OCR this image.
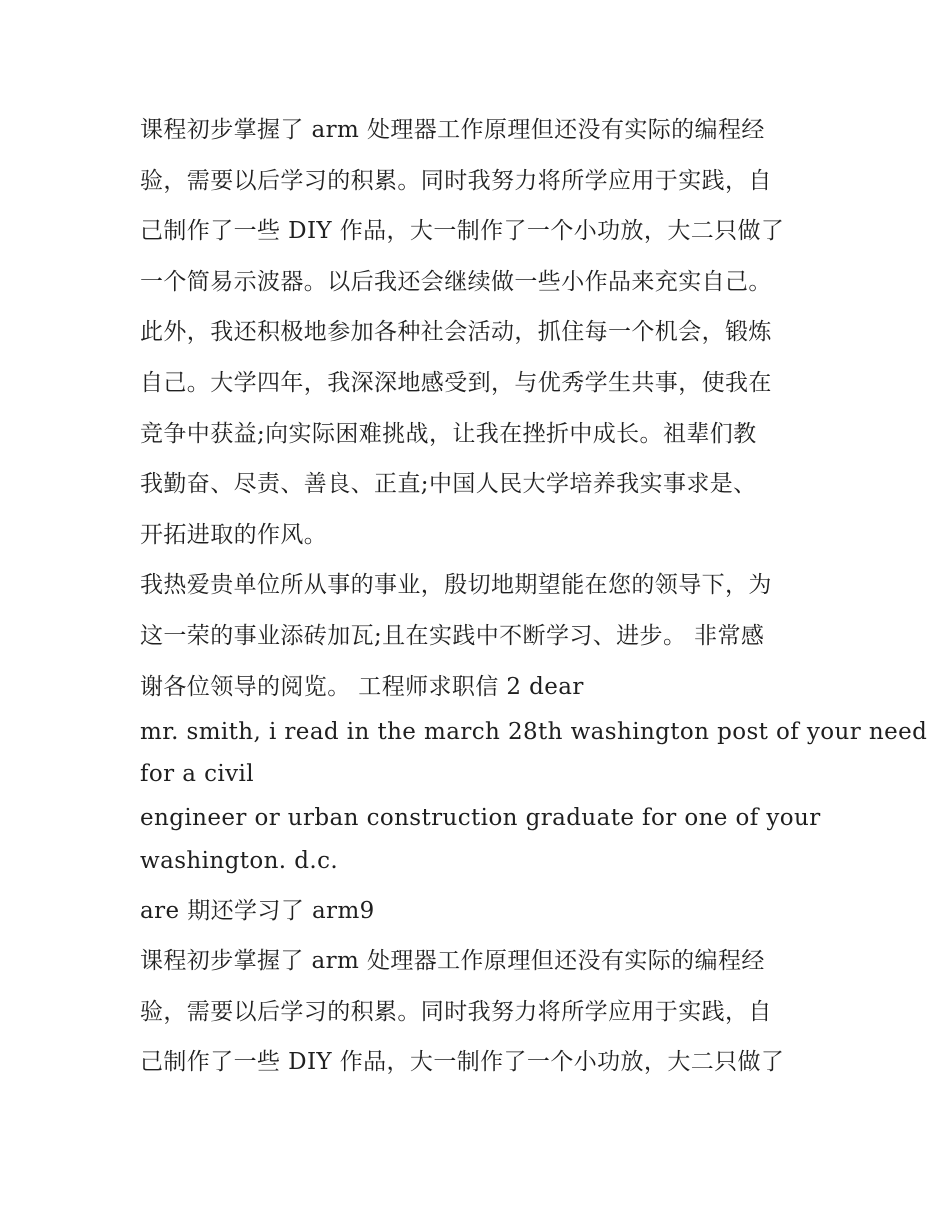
课程初步掌握了 arm 处理器工作原理但还没有实际的编程经
验，需要以后学习的积累。同时我努力将所学应用于实践，自
己制作了一些 DIY 作品，大一制作了一个小功放，大二只做了
一个简易示波器。以后我还会继续做一些小作品来充实自己。
此外，我还积极地参加各种社会活动，抓住每一个机会，锻炼
自己。大学四年，我深深地感受到，与优秀学生共事，使我在
竞争中获益;向实际困难挑战，让我在挫折中成长。祖辈们教
我勤奋、尽责、善良、正直;中国人民大学培养我实事求是、
开拓进取的作风。
我热爱贵单位所从事的事业，殷切地期望能在您的领导下，为
这一荣的事业添砖加瓦;且在实践中不断学习、进步。 非常感
谢各位领导的阅览。 工程师求职信 2 dear
mr. smith, i read in the march 28th washington post of your need
for a civil
engineer or urban construction graduate for one of your
washington. d.c.
are 期还学习了 arm9
课程初步掌握了 arm 处理器工作原理但还没有实际的编程经
验，需要以后学习的积累。同时我努力将所学应用于实践，自
己制作了一些 DIY 作品，大一制作了一个小功放，大二只做了
